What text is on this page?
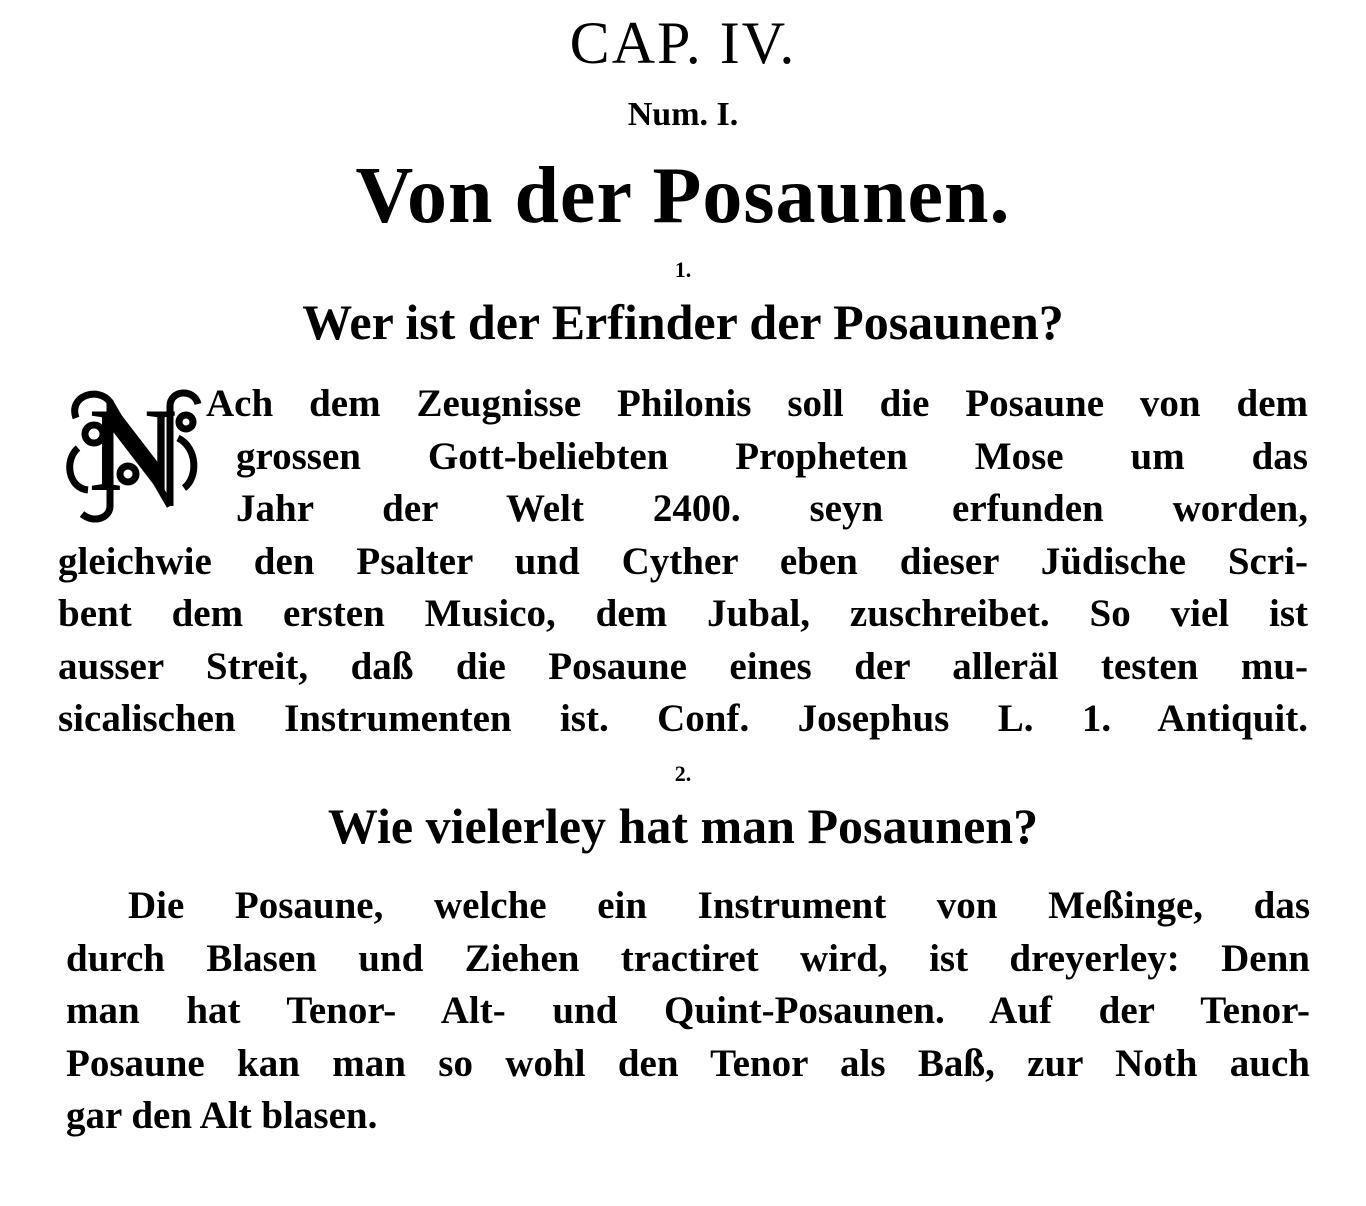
CAP. IV.
Num. I.
Von der Posaunen.
1.
Wer ist der Erfinder der Posaunen?
N Ach dem Zeugnisse Philonis soll die Posaune von dem
grossen Gott-beliebten Propheten Mose um das
Jahr der Welt 2400. seyn erfunden worden,
gleichwie den Psalter und Cyther eben dieser Jüdische Scri-
bent dem ersten Musico, dem Jubal, zuschreibet. So viel ist
ausser Streit, daß die Posaune eines der alleräl testen mu-
sicalischen Instrumenten ist. Conf. Josephus L. 1. Antiquit.
2.
Wie vielerley hat man Posaunen?
Die Posaune, welche ein Instrument von Meßinge, das
durch Blasen und Ziehen tractiret wird, ist dreyerley: Denn
man hat Tenor- Alt- und Quint-Posaunen. Auf der Tenor-
Posaune kan man so wohl den Tenor als Baß, zur Noth auch
gar den Alt blasen.
